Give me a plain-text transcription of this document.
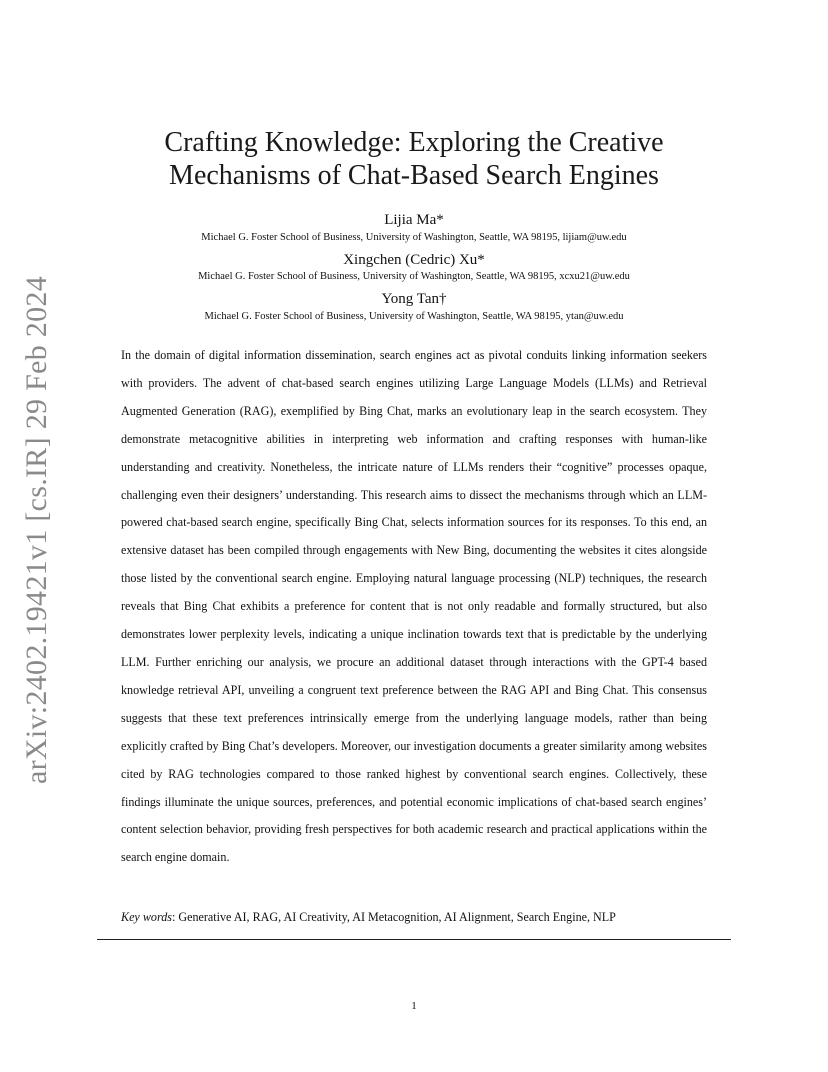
arXiv:2402.19421v1 [cs.IR] 29 Feb 2024
Crafting Knowledge: Exploring the Creative
Mechanisms of Chat-Based Search Engines
Lijia Ma*
Michael G. Foster School of Business, University of Washington, Seattle, WA 98195, lijiam@uw.edu
Xingchen (Cedric) Xu*
Michael G. Foster School of Business, University of Washington, Seattle, WA 98195, xcxu21@uw.edu
Yong Tan†
Michael G. Foster School of Business, University of Washington, Seattle, WA 98195, ytan@uw.edu
In the domain of digital information dissemination, search engines act as pivotal conduits linking information seekers with providers. The advent of chat-based search engines utilizing Large Language Models (LLMs) and Retrieval Augmented Generation (RAG), exemplified by Bing Chat, marks an evolutionary leap in the search ecosystem. They demonstrate metacognitive abilities in interpreting web information and crafting responses with human-like understanding and creativity. Nonetheless, the intricate nature of LLMs renders their “cognitive” processes opaque, challenging even their designers’ understanding. This research aims to dissect the mechanisms through which an LLM-powered chat-based search engine, specifically Bing Chat, selects information sources for its responses. To this end, an extensive dataset has been compiled through engagements with New Bing, documenting the websites it cites alongside those listed by the conventional search engine. Employing natural language processing (NLP) techniques, the research reveals that Bing Chat exhibits a preference for content that is not only readable and formally structured, but also demonstrates lower perplexity levels, indicating a unique inclination towards text that is predictable by the underlying LLM. Further enriching our analysis, we procure an additional dataset through interactions with the GPT-4 based knowledge retrieval API, unveiling a congruent text preference between the RAG API and Bing Chat. This consensus suggests that these text preferences intrinsically emerge from the underlying language models, rather than being explicitly crafted by Bing Chat’s developers. Moreover, our investigation documents a greater similarity among websites cited by RAG technologies compared to those ranked highest by conventional search engines. Collectively, these findings illuminate the unique sources, preferences, and potential economic implications of chat-based search engines’ content selection behavior, providing fresh perspectives for both academic research and practical applications within the search engine domain.
Key words: Generative AI, RAG, AI Creativity, AI Metacognition, AI Alignment, Search Engine, NLP
1
